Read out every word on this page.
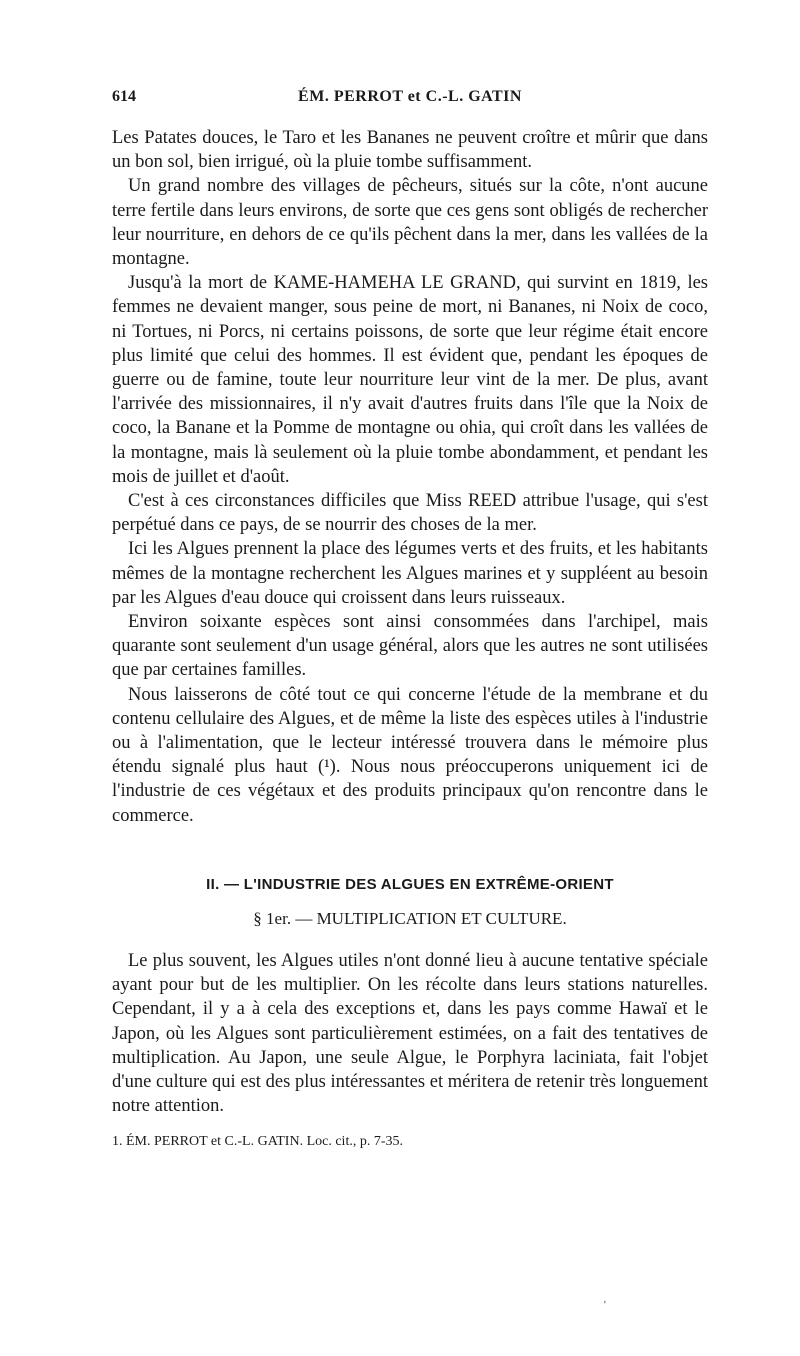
614	ÉM. PERROT et C.-L. GATIN

Les Patates douces, le Taro et les Bananes ne peuvent croître et mûrir que dans un bon sol, bien irrigué, où la pluie tombe suffisamment.

Un grand nombre des villages de pêcheurs, situés sur la côte, n'ont aucune terre fertile dans leurs environs, de sorte que ces gens sont obligés de rechercher leur nourriture, en dehors de ce qu'ils pêchent dans la mer, dans les vallées de la montagne.

Jusqu'à la mort de KAME-HAMEHA LE GRAND, qui survint en 1819, les femmes ne devaient manger, sous peine de mort, ni Bananes, ni Noix de coco, ni Tortues, ni Porcs, ni certains poissons, de sorte que leur régime était encore plus limité que celui des hommes. Il est évident que, pendant les époques de guerre ou de famine, toute leur nourriture leur vint de la mer. De plus, avant l'arrivée des missionnaires, il n'y avait d'autres fruits dans l'île que la Noix de coco, la Banane et la Pomme de montagne ou ohia, qui croît dans les vallées de la montagne, mais là seulement où la pluie tombe abondamment, et pendant les mois de juillet et d'août.

C'est à ces circonstances difficiles que Miss REED attribue l'usage, qui s'est perpétué dans ce pays, de se nourrir des choses de la mer.

Ici les Algues prennent la place des légumes verts et des fruits, et les habitants mêmes de la montagne recherchent les Algues marines et y suppléent au besoin par les Algues d'eau douce qui croissent dans leurs ruisseaux.

Environ soixante espèces sont ainsi consommées dans l'archipel, mais quarante sont seulement d'un usage général, alors que les autres ne sont utilisées que par certaines familles.

Nous laisserons de côté tout ce qui concerne l'étude de la membrane et du contenu cellulaire des Algues, et de même la liste des espèces utiles à l'industrie ou à l'alimentation, que le lecteur intéressé trouvera dans le mémoire plus étendu signalé plus haut (¹). Nous nous préoccuperons uniquement ici de l'industrie de ces végétaux et des produits principaux qu'on rencontre dans le commerce.

II. — L'INDUSTRIE DES ALGUES EN EXTRÊME-ORIENT
§ 1er. — MULTIPLICATION ET CULTURE.

Le plus souvent, les Algues utiles n'ont donné lieu à aucune tentative spéciale ayant pour but de les multiplier. On les récolte dans leurs stations naturelles. Cependant, il y a à cela des exceptions et, dans les pays comme Hawaï et le Japon, où les Algues sont particulièrement estimées, on a fait des tentatives de multiplication. Au Japon, une seule Algue, le Porphyra laciniata, fait l'objet d'une culture qui est des plus intéressantes et méritera de retenir très longuement notre attention.

1. ÉM. PERROT et C.-L. GATIN. Loc. cit., p. 7-35.
'
